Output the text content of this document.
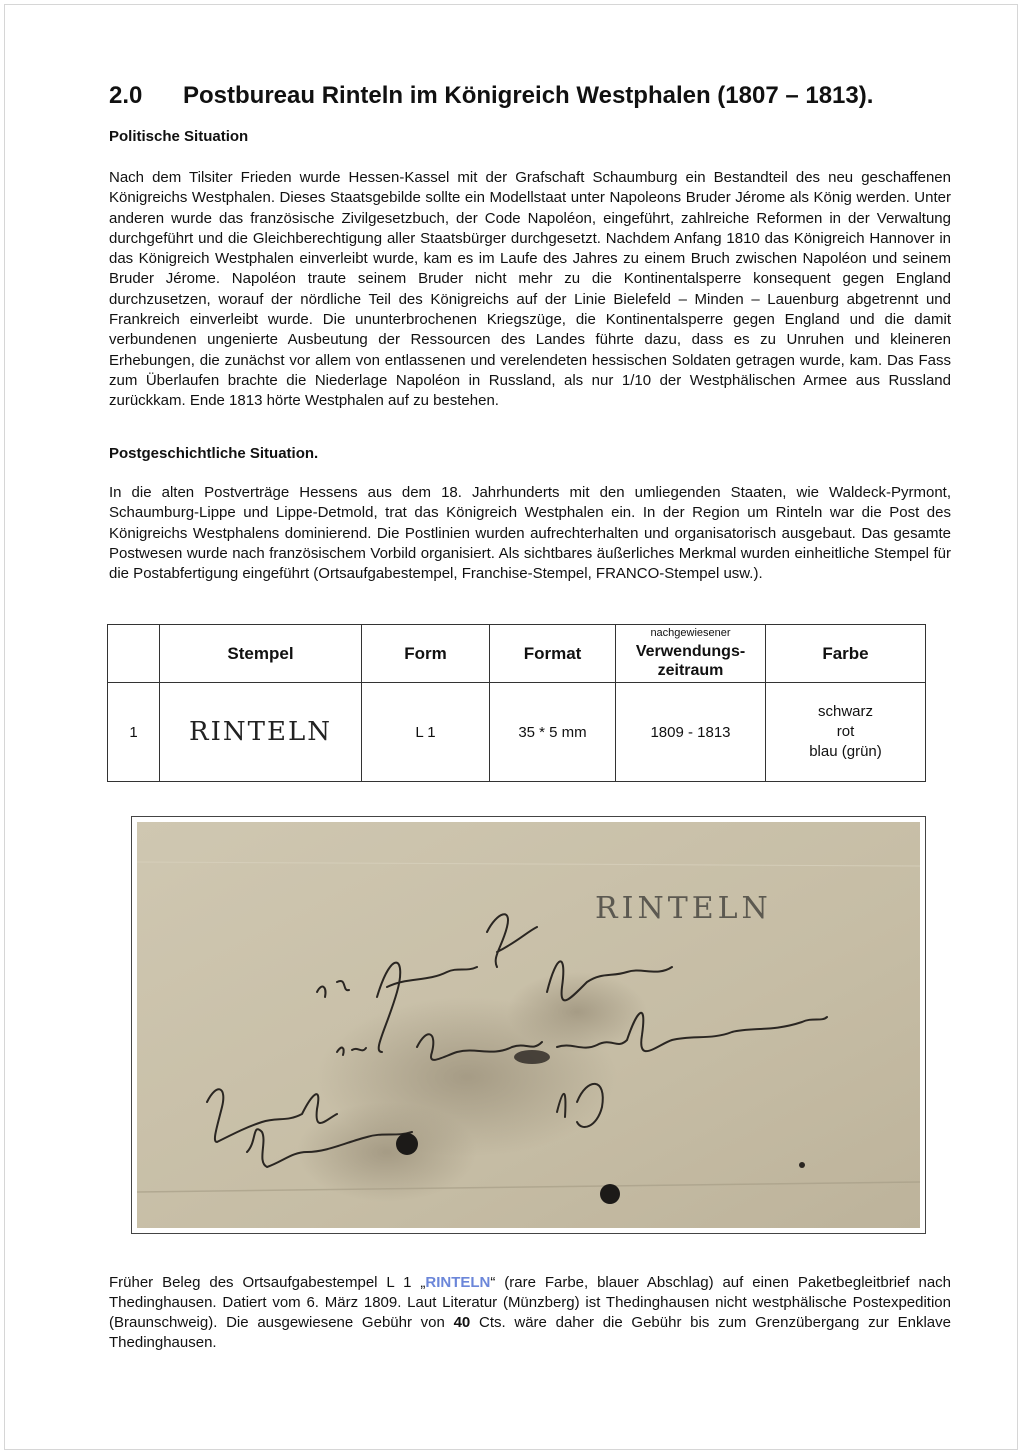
2.0 Postbureau Rinteln im Königreich Westphalen (1807 – 1813).
Politische Situation

Nach dem Tilsiter Frieden wurde Hessen-Kassel mit der Grafschaft Schaumburg ein Bestandteil des neu geschaffenen Königreichs Westphalen. Dieses Staatsgebilde sollte ein Modellstaat unter Napoleons Bruder Jérome als König werden. Unter anderen wurde das französische Zivilgesetzbuch, der Code Napoléon, eingeführt, zahlreiche Reformen in der Verwaltung durchgeführt und die Gleichberechtigung aller Staatsbürger durchgesetzt. Nachdem Anfang 1810 das Königreich Hannover in das Königreich Westphalen einverleibt wurde, kam es im Laufe des Jahres zu einem Bruch zwischen Napoléon und seinem Bruder Jérome. Napoléon traute seinem Bruder nicht mehr zu die Kontinentalsperre konsequent gegen England durchzusetzen, worauf der nördliche Teil des Königreichs auf der Linie Bielefeld – Minden – Lauenburg abgetrennt und Frankreich einverleibt wurde. Die ununterbrochenen Kriegszüge, die Kontinentalsperre gegen England und die damit verbundenen ungenierte Ausbeutung der Ressourcen des Landes führte dazu, dass es zu Unruhen und kleineren Erhebungen, die zunächst vor allem von entlassenen und verelendeten hessischen Soldaten getragen wurde, kam. Das Fass zum Überlaufen brachte die Niederlage Napoléon in Russland, als nur 1/10 der Westphälischen Armee aus Russland zurückkam. Ende 1813 hörte Westphalen auf zu bestehen.

Postgeschichtliche Situation.

In die alten Postverträge Hessens aus dem 18. Jahrhunderts mit den umliegenden Staaten, wie Waldeck-Pyrmont, Schaumburg-Lippe und Lippe-Detmold, trat das Königreich Westphalen ein. In der Region um Rinteln war die Post des Königreichs Westphalens dominierend. Die Postlinien wurden aufrechterhalten und organisatorisch ausgebaut. Das gesamte Postwesen wurde nach französischem Vorbild organisiert. Als sichtbares äußerliches Merkmal wurden einheitliche Stempel für die Postabfertigung eingeführt (Ortsaufgabestempel, Franchise-Stempel, FRANCO-Stempel usw.).

	Stempel	Form	Format	nachgewiesener
Verwendungs-zeitraum	Farbe
1	RINTELN	L 1	35 * 5 mm	1809 - 1813	schwarz
rot
blau (grün)
RINTELN

Früher Beleg des Ortsaufgabestempel L 1 „RINTELN“ (rare Farbe, blauer Abschlag) auf einen Paketbegleitbrief nach Thedinghausen. Datiert vom 6. März 1809. Laut Literatur (Münzberg) ist Thedinghausen nicht westphälische Postexpedition (Braunschweig). Die ausgewiesene Gebühr von 40 Cts. wäre daher die Gebühr bis zum Grenzübergang zur Enklave Thedinghausen.
